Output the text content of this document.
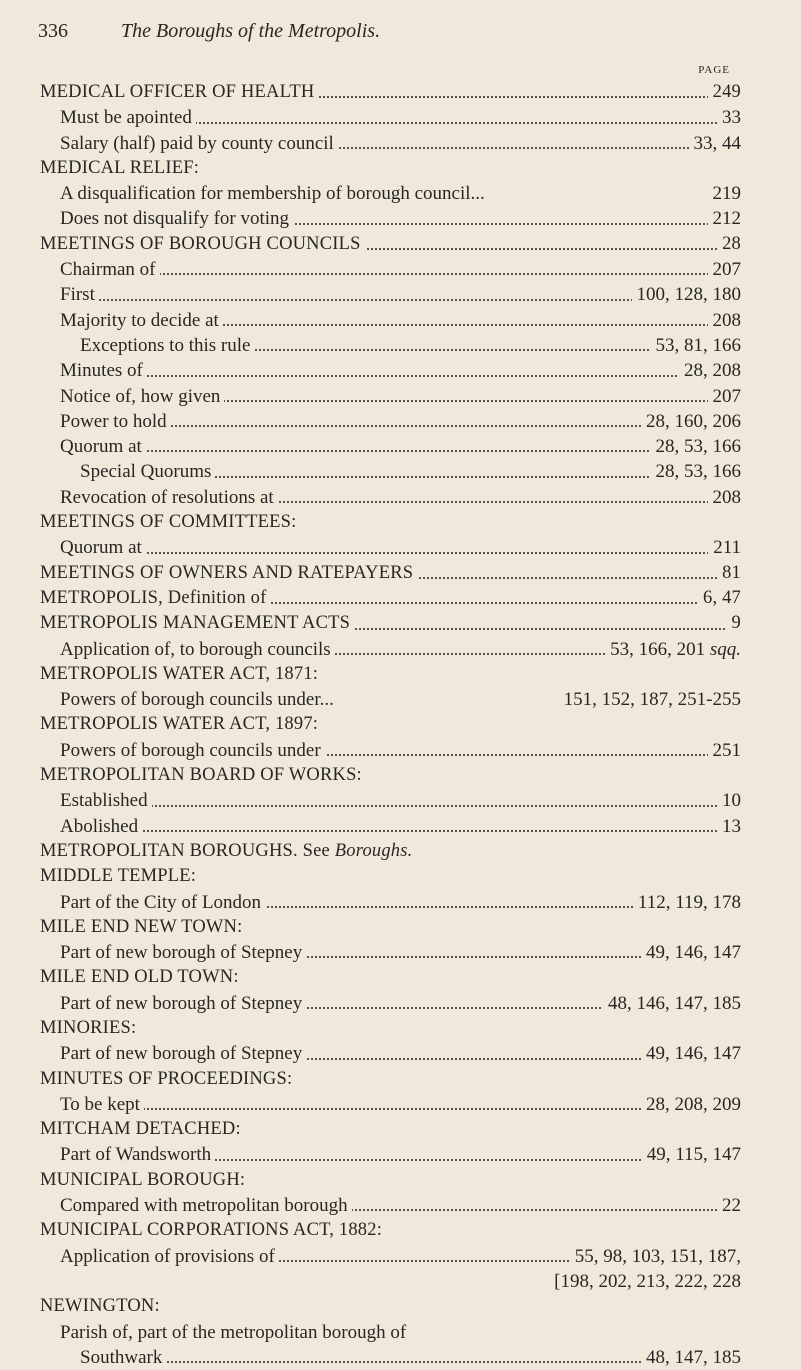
336	The Boroughs of the Metropolis.
PAGE
MEDICAL OFFICER OF HEALTH	249
Must be apointed	33
Salary (half) paid by county council	33, 44
MEDICAL RELIEF:
A disqualification for membership of borough council...	219
Does not disqualify for voting	212
MEETINGS OF BOROUGH COUNCILS	28
Chairman of	207
First	100, 128, 180
Majority to decide at	208
Exceptions to this rule	53, 81, 166
Minutes of	28, 208
Notice of, how given	207
Power to hold	28, 160, 206
Quorum at	28, 53, 166
Special Quorums	28, 53, 166
Revocation of resolutions at	208
MEETINGS OF COMMITTEES:
Quorum at	211
MEETINGS OF OWNERS AND RATEPAYERS	81
METROPOLIS, Definition of	6, 47
METROPOLIS MANAGEMENT ACTS	9
Application of, to borough councils	53, 166, 201 sqq.
METROPOLIS WATER ACT, 1871:
Powers of borough councils under...	151, 152, 187, 251-255
METROPOLIS WATER ACT, 1897:
Powers of borough councils under	251
METROPOLITAN BOARD OF WORKS:
Established	10
Abolished	13
METROPOLITAN BOROUGHS. See Boroughs.
MIDDLE TEMPLE:
Part of the City of London	112, 119, 178
MILE END NEW TOWN:
Part of new borough of Stepney	49, 146, 147
MILE END OLD TOWN:
Part of new borough of Stepney	48, 146, 147, 185
MINORIES:
Part of new borough of Stepney	49, 146, 147
MINUTES OF PROCEEDINGS:
To be kept	28, 208, 209
MITCHAM DETACHED:
Part of Wandsworth	49, 115, 147
MUNICIPAL BOROUGH:
Compared with metropolitan borough	22
MUNICIPAL CORPORATIONS ACT, 1882:
Application of provisions of	55, 98, 103, 151, 187,
[198, 202, 213, 222, 228
NEWINGTON:
Parish of, part of the metropolitan borough of
Southwark	48, 147, 185
